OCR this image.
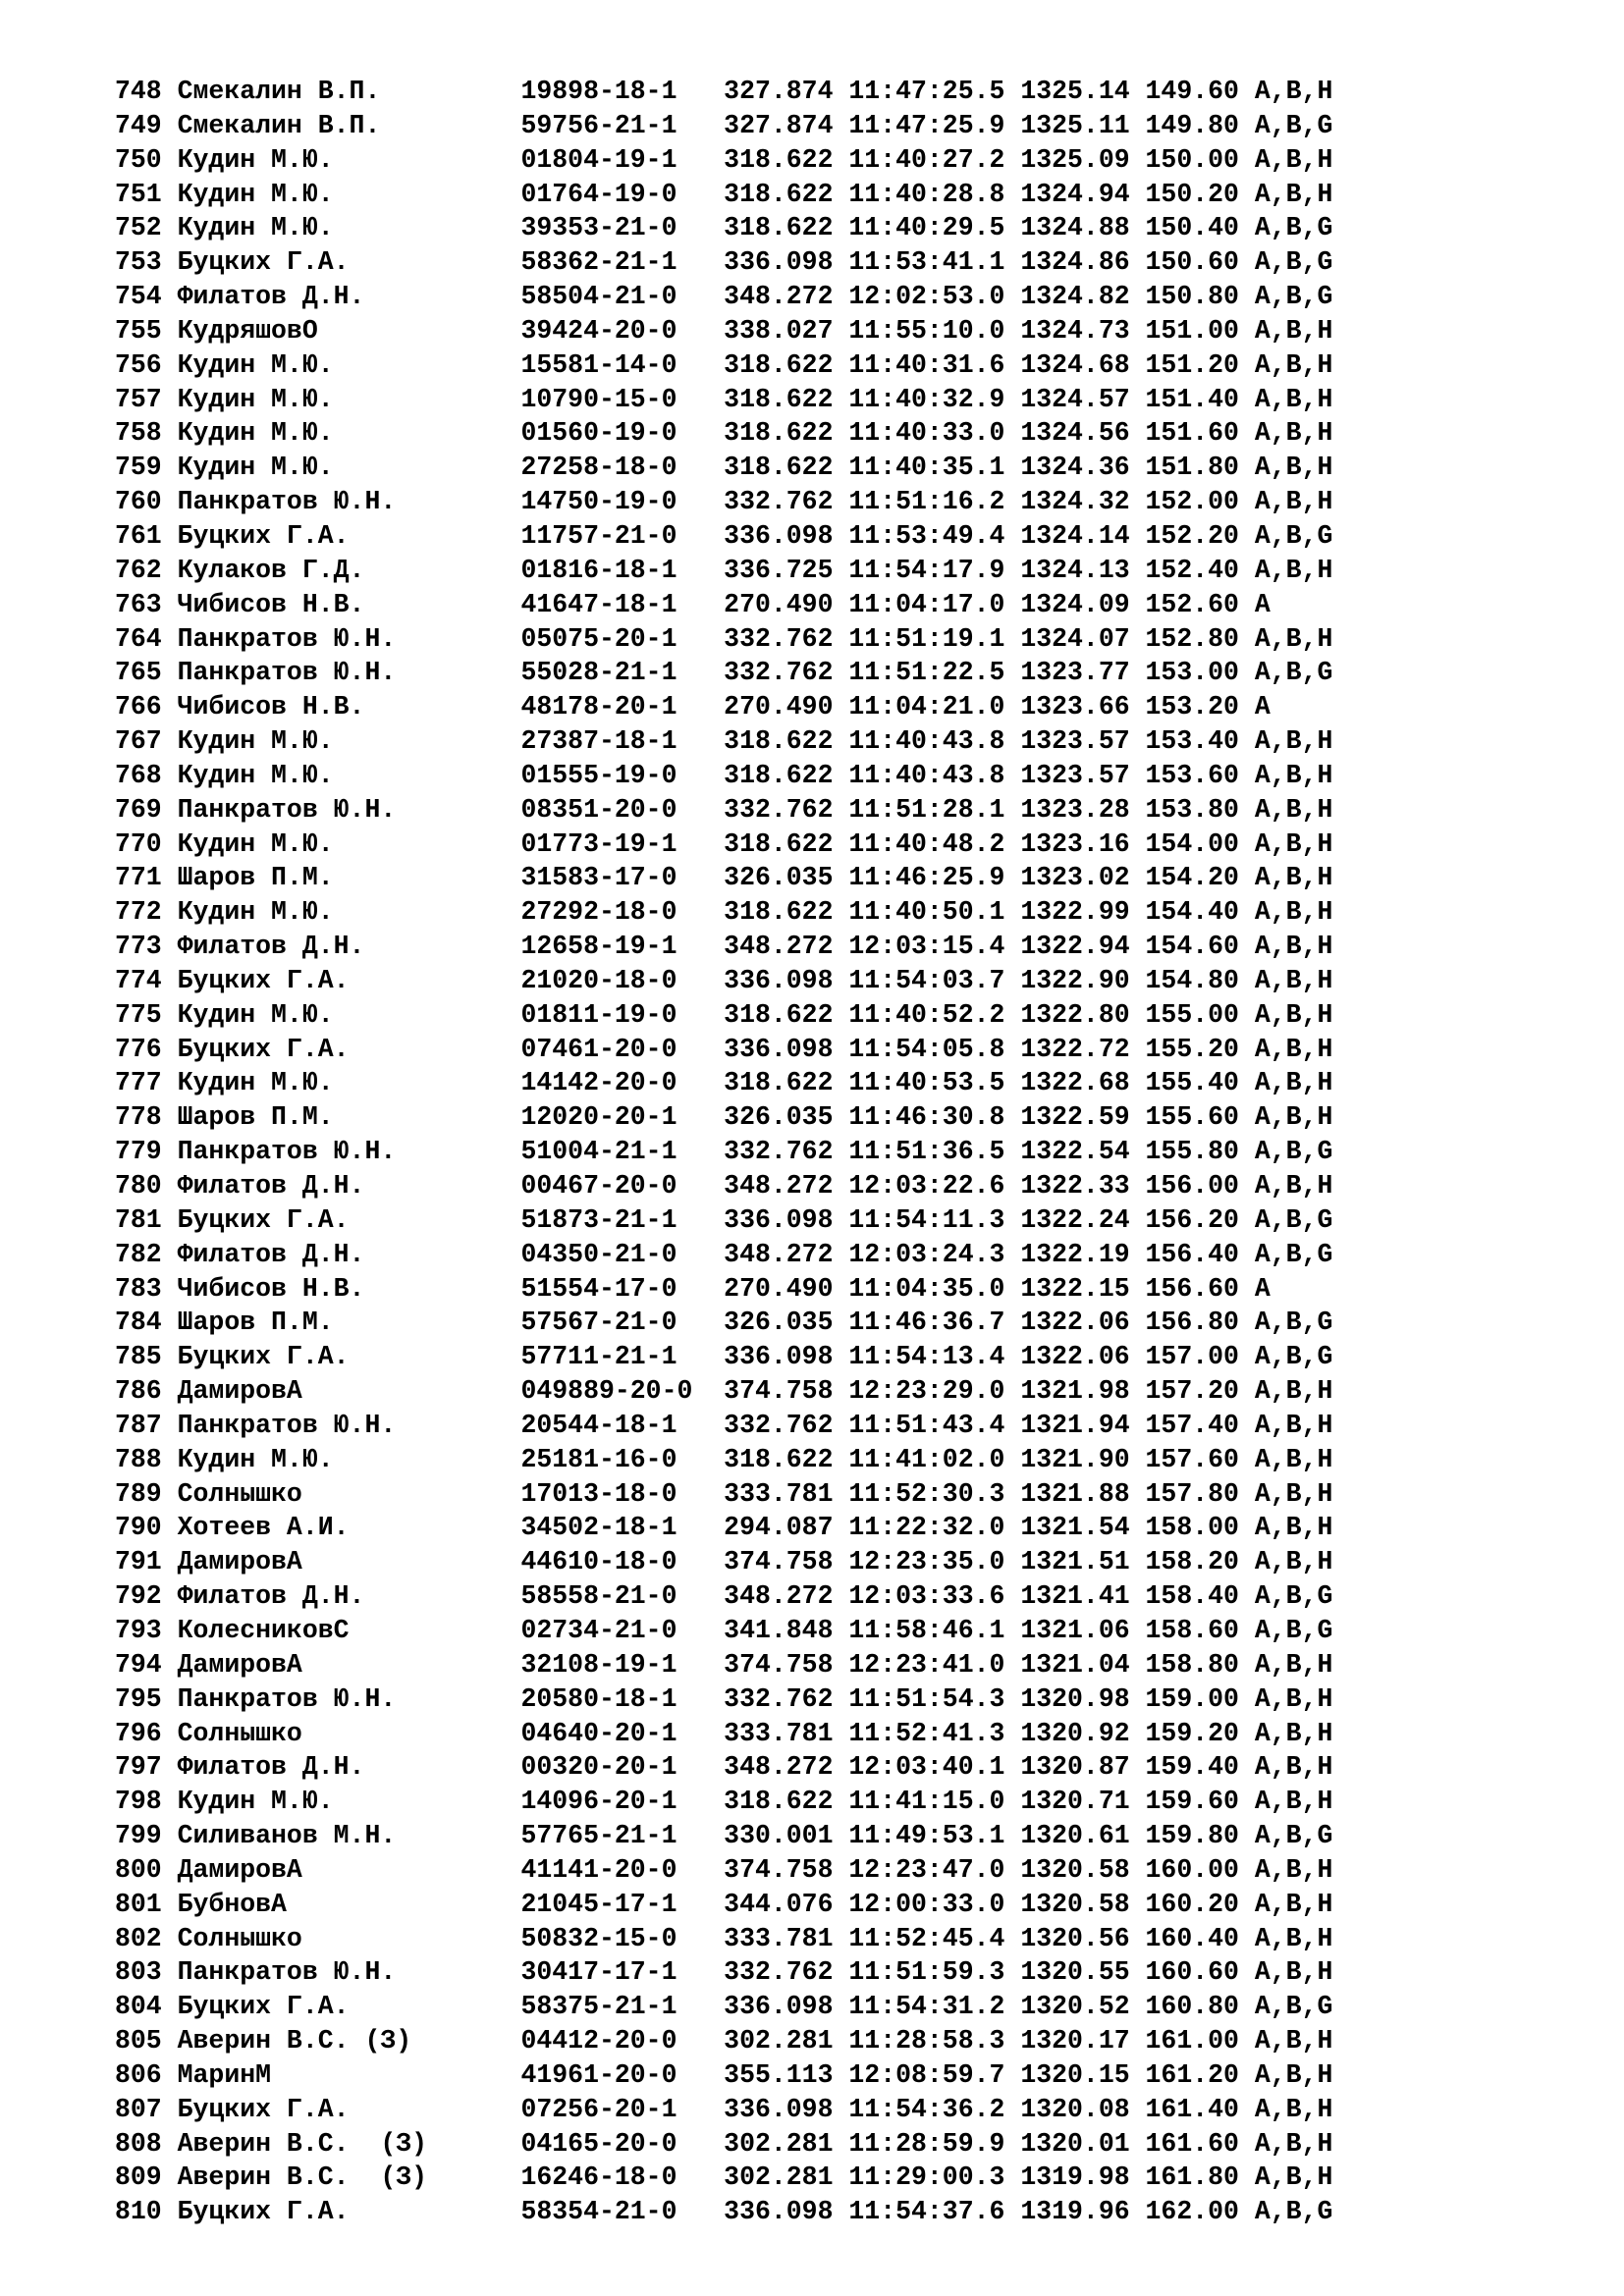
748 Смекалин В.П.	19898-18-1 327.874 11:47:25.5 1325.14 149.60 A,B,H
749 Смекалин В.П.	59756-21-1 327.874 11:47:25.9 1325.11 149.80 A,B,G
750 Кудин М.Ю.	01804-19-1 318.622 11:40:27.2 1325.09 150.00 A,B,H
751 Кудин М.Ю.	01764-19-0 318.622 11:40:28.8 1324.94 150.20 A,B,H
752 Кудин М.Ю.	39353-21-0 318.622 11:40:29.5 1324.88 150.40 A,B,G
753 Буцких Г.А.	58362-21-1 336.098 11:53:41.1 1324.86 150.60 A,B,G
754 Филатов Д.Н.	58504-21-0 348.272 12:02:53.0 1324.82 150.80 A,B,G
755 КудряшовО	39424-20-0 338.027 11:55:10.0 1324.73 151.00 A,B,H
756 Кудин М.Ю.	15581-14-0 318.622 11:40:31.6 1324.68 151.20 A,B,H
757 Кудин М.Ю.	10790-15-0 318.622 11:40:32.9 1324.57 151.40 A,B,H
758 Кудин М.Ю.	01560-19-0 318.622 11:40:33.0 1324.56 151.60 A,B,H
759 Кудин М.Ю.	27258-18-0 318.622 11:40:35.1 1324.36 151.80 A,B,H
760 Панкратов Ю.Н.	14750-19-0 332.762 11:51:16.2 1324.32 152.00 A,B,H
761 Буцких Г.А.	11757-21-0 336.098 11:53:49.4 1324.14 152.20 A,B,G
762 Кулаков Г.Д.	01816-18-1 336.725 11:54:17.9 1324.13 152.40 A,B,H
763 Чибисов Н.В.	41647-18-1 270.490 11:04:17.0 1324.09 152.60 A
764 Панкратов Ю.Н.	05075-20-1 332.762 11:51:19.1 1324.07 152.80 A,B,H
765 Панкратов Ю.Н.	55028-21-1 332.762 11:51:22.5 1323.77 153.00 A,B,G
766 Чибисов Н.В.	48178-20-1 270.490 11:04:21.0 1323.66 153.20 A
767 Кудин М.Ю.	27387-18-1 318.622 11:40:43.8 1323.57 153.40 A,B,H
768 Кудин М.Ю.	01555-19-0 318.622 11:40:43.8 1323.57 153.60 A,B,H
769 Панкратов Ю.Н.	08351-20-0 332.762 11:51:28.1 1323.28 153.80 A,B,H
770 Кудин М.Ю.	01773-19-1 318.622 11:40:48.2 1323.16 154.00 A,B,H
771 Шаров П.М.	31583-17-0 326.035 11:46:25.9 1323.02 154.20 A,B,H
772 Кудин М.Ю.	27292-18-0 318.622 11:40:50.1 1322.99 154.40 A,B,H
773 Филатов Д.Н.	12658-19-1 348.272 12:03:15.4 1322.94 154.60 A,B,H
774 Буцких Г.А.	21020-18-0 336.098 11:54:03.7 1322.90 154.80 A,B,H
775 Кудин М.Ю.	01811-19-0 318.622 11:40:52.2 1322.80 155.00 A,B,H
776 Буцких Г.А.	07461-20-0 336.098 11:54:05.8 1322.72 155.20 A,B,H
777 Кудин М.Ю.	14142-20-0 318.622 11:40:53.5 1322.68 155.40 A,B,H
778 Шаров П.М.	12020-20-1 326.035 11:46:30.8 1322.59 155.60 A,B,H
779 Панкратов Ю.Н.	51004-21-1 332.762 11:51:36.5 1322.54 155.80 A,B,G
780 Филатов Д.Н.	00467-20-0 348.272 12:03:22.6 1322.33 156.00 A,B,H
781 Буцких Г.А.	51873-21-1 336.098 11:54:11.3 1322.24 156.20 A,B,G
782 Филатов Д.Н.	04350-21-0 348.272 12:03:24.3 1322.19 156.40 A,B,G
783 Чибисов Н.В.	51554-17-0 270.490 11:04:35.0 1322.15 156.60 A
784 Шаров П.М.	57567-21-0 326.035 11:46:36.7 1322.06 156.80 A,B,G
785 Буцких Г.А.	57711-21-1 336.098 11:54:13.4 1322.06 157.00 A,B,G
786 ДамировА	049889-20-0 374.758 12:23:29.0 1321.98 157.20 A,B,H
787 Панкратов Ю.Н.	20544-18-1 332.762 11:51:43.4 1321.94 157.40 A,B,H
788 Кудин М.Ю.	25181-16-0 318.622 11:41:02.0 1321.90 157.60 A,B,H
789 Солнышко	17013-18-0 333.781 11:52:30.3 1321.88 157.80 A,B,H
790 Хотеев А.И.	34502-18-1 294.087 11:22:32.0 1321.54 158.00 A,B,H
791 ДамировА	44610-18-0 374.758 12:23:35.0 1321.51 158.20 A,B,H
792 Филатов Д.Н.	58558-21-0 348.272 12:03:33.6 1321.41 158.40 A,B,G
793 КолесниковС	02734-21-0 341.848 11:58:46.1 1321.06 158.60 A,B,G
794 ДамировА	32108-19-1 374.758 12:23:41.0 1321.04 158.80 A,B,H
795 Панкратов Ю.Н.	20580-18-1 332.762 11:51:54.3 1320.98 159.00 A,B,H
796 Солнышко	04640-20-1 333.781 11:52:41.3 1320.92 159.20 A,B,H
797 Филатов Д.Н.	00320-20-1 348.272 12:03:40.1 1320.87 159.40 A,B,H
798 Кудин М.Ю.	14096-20-1 318.622 11:41:15.0 1320.71 159.60 A,B,H
799 Силиванов М.Н.	57765-21-1 330.001 11:49:53.1 1320.61 159.80 A,B,G
800 ДамировА	41141-20-0 374.758 12:23:47.0 1320.58 160.00 A,B,H
801 БубновА	21045-17-1 344.076 12:00:33.0 1320.58 160.20 A,B,H
802 Солнышко	50832-15-0 333.781 11:52:45.4 1320.56 160.40 A,B,H
803 Панкратов Ю.Н.	30417-17-1 332.762 11:51:59.3 1320.55 160.60 A,B,H
804 Буцких Г.А.	58375-21-1 336.098 11:54:31.2 1320.52 160.80 A,B,G
805 Аверин В.С. (З)	04412-20-0 302.281 11:28:58.3 1320.17 161.00 A,B,H
806 МаринМ	41961-20-0 355.113 12:08:59.7 1320.15 161.20 A,B,H
807 Буцких Г.А.	07256-20-1 336.098 11:54:36.2 1320.08 161.40 A,B,H
808 Аверин В.С.  (З)	04165-20-0 302.281 11:28:59.9 1320.01 161.60 A,B,H
809 Аверин В.С.  (З)	16246-18-0 302.281 11:29:00.3 1319.98 161.80 A,B,H
810 Буцких Г.А.	58354-21-0 336.098 11:54:37.6 1319.96 162.00 A,B,G
